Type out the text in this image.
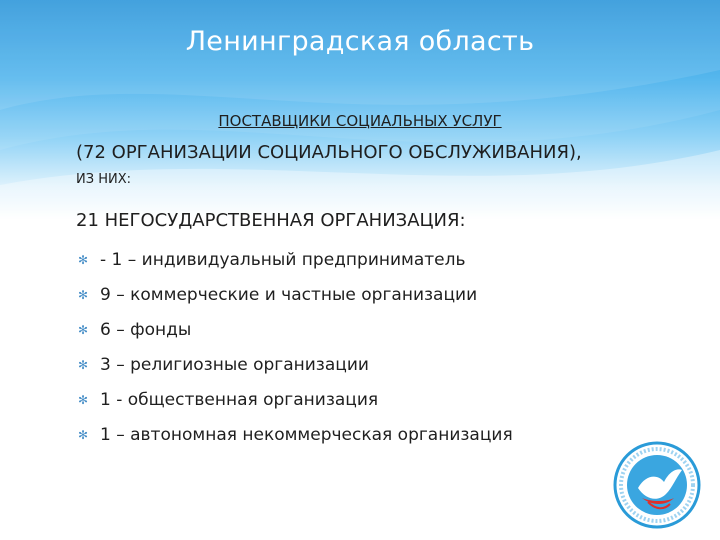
Ленинградская область
ПОСТАВЩИКИ СОЦИАЛЬНЫХ УСЛУГ
(72 ОРГАНИЗАЦИИ СОЦИАЛЬНОГО ОБСЛУЖИВАНИЯ),
ИЗ НИХ:
21 НЕГОСУДАРСТВЕННАЯ ОРГАНИЗАЦИЯ:
✻ - 1 – индивидуальный предприниматель
✻ 9 – коммерческие и частные организации
✻ 6 – фонды
✻ 3 – религиозные организации
✻ 1 - общественная организация
✻ 1 – автономная некоммерческая организация
